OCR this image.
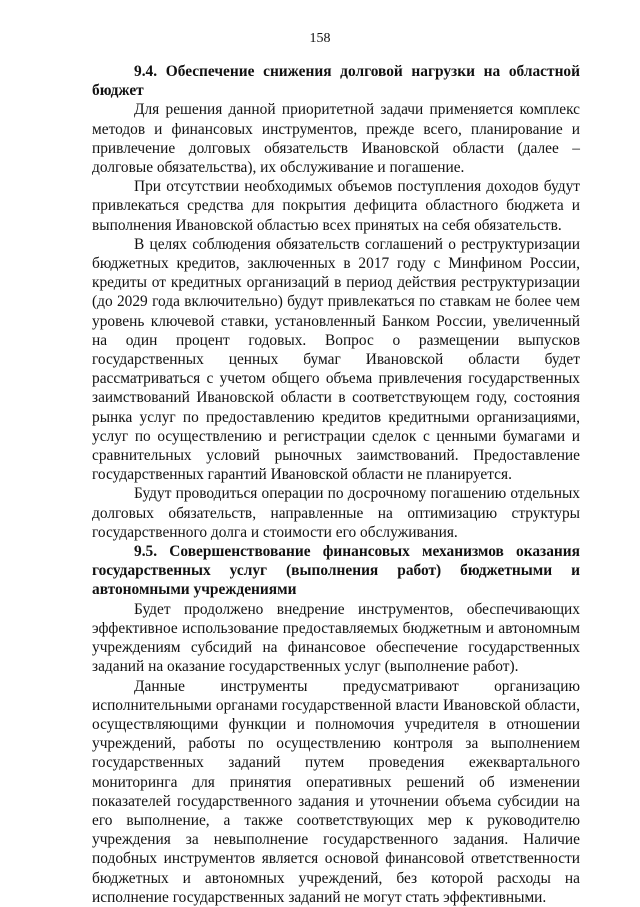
158

9.4. Обеспечение снижения долговой нагрузки на областной бюджет

Для решения данной приоритетной задачи применяется комплекс методов и финансовых инструментов, прежде всего, планирование и привлечение долговых обязательств Ивановской области (далее – долговые обязательства), их обслуживание и погашение.

При отсутствии необходимых объемов поступления доходов будут привлекаться средства для покрытия дефицита областного бюджета и выполнения Ивановской областью всех принятых на себя обязательств.

В целях соблюдения обязательств соглашений о реструктуризации бюджетных кредитов, заключенных в 2017 году с Минфином России, кредиты от кредитных организаций в период действия реструктуризации (до 2029 года включительно) будут привлекаться по ставкам не более чем уровень ключевой ставки, установленный Банком России, увеличенный на один процент годовых. Вопрос о размещении выпусков государственных ценных бумаг Ивановской области будет рассматриваться с учетом общего объема привлечения государственных заимствований Ивановской области в соответствующем году, состояния рынка услуг по предоставлению кредитов кредитными организациями, услуг по осуществлению и регистрации сделок с ценными бумагами и сравнительных условий рыночных заимствований. Предоставление государственных гарантий Ивановской области не планируется.

Будут проводиться операции по досрочному погашению отдельных долговых обязательств, направленные на оптимизацию структуры государственного долга и стоимости его обслуживания.

9.5. Совершенствование финансовых механизмов оказания государственных услуг (выполнения работ) бюджетными и автономными учреждениями

Будет продолжено внедрение инструментов, обеспечивающих эффективное использование предоставляемых бюджетным и автономным учреждениям субсидий на финансовое обеспечение государственных заданий на оказание государственных услуг (выполнение работ).

Данные инструменты предусматривают организацию исполнительными органами государственной власти Ивановской области, осуществляющими функции и полномочия учредителя в отношении учреждений, работы по осуществлению контроля за выполнением государственных заданий путем проведения ежеквартального мониторинга для принятия оперативных решений об изменении показателей государственного задания и уточнении объема субсидии на его выполнение, а также соответствующих мер к руководителю учреждения за невыполнение государственного задания. Наличие подобных инструментов является основой финансовой ответственности бюджетных и автономных учреждений, без которой расходы на исполнение государственных заданий не могут стать эффективными.
